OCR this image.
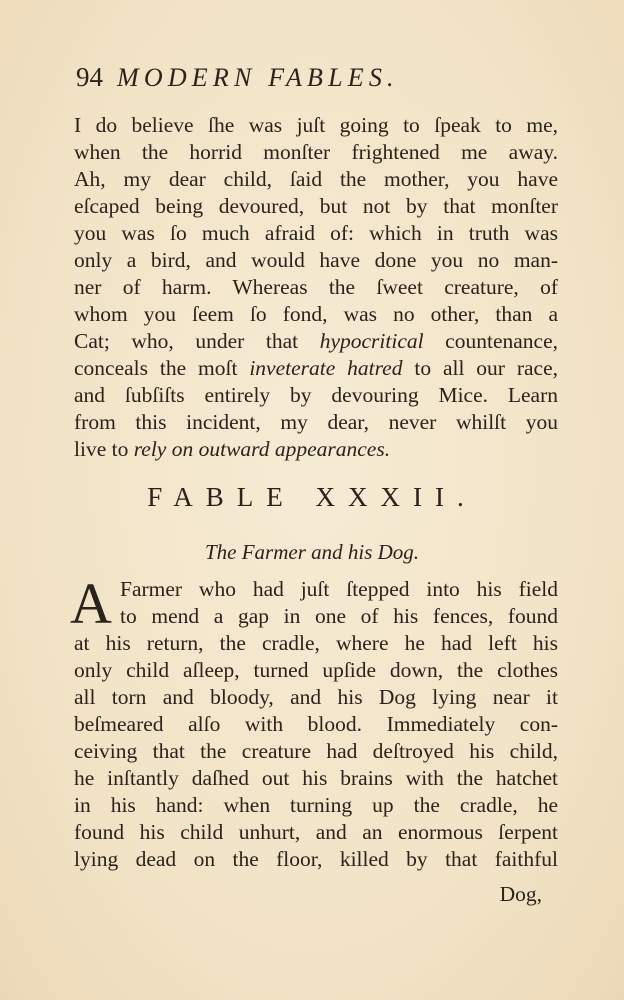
94 MODERN FABLES.
I do believe ſhe was juſt going to ſpeak to me,
when the horrid monſter frightened me away.
Ah, my dear child, ſaid the mother, you have
eſcaped being devoured, but not by that monſter
you was ſo much afraid of: which in truth was
only a bird, and would have done you no man-
ner of harm. Whereas the ſweet creature, of
whom you ſeem ſo fond, was no other, than a
Cat; who, under that hypocritical countenance,
conceals the moſt inveterate hatred to all our race,
and ſubſiſts entirely by devouring Mice. Learn
from this incident, my dear, never whilſt you
live to rely on outward appearances.
FABLE XXXII.
The Farmer and his Dog.
A Farmer who had juſt ſtepped into his field
to mend a gap in one of his fences, found
at his return, the cradle, where he had left his
only child aſleep, turned upſide down, the clothes
all torn and bloody, and his Dog lying near it
beſmeared alſo with blood. Immediately con-
ceiving that the creature had deſtroyed his child,
he inſtantly daſhed out his brains with the hatchet
in his hand: when turning up the cradle, he
found his child unhurt, and an enormous ſerpent
lying dead on the floor, killed by that faithful
Dog,
